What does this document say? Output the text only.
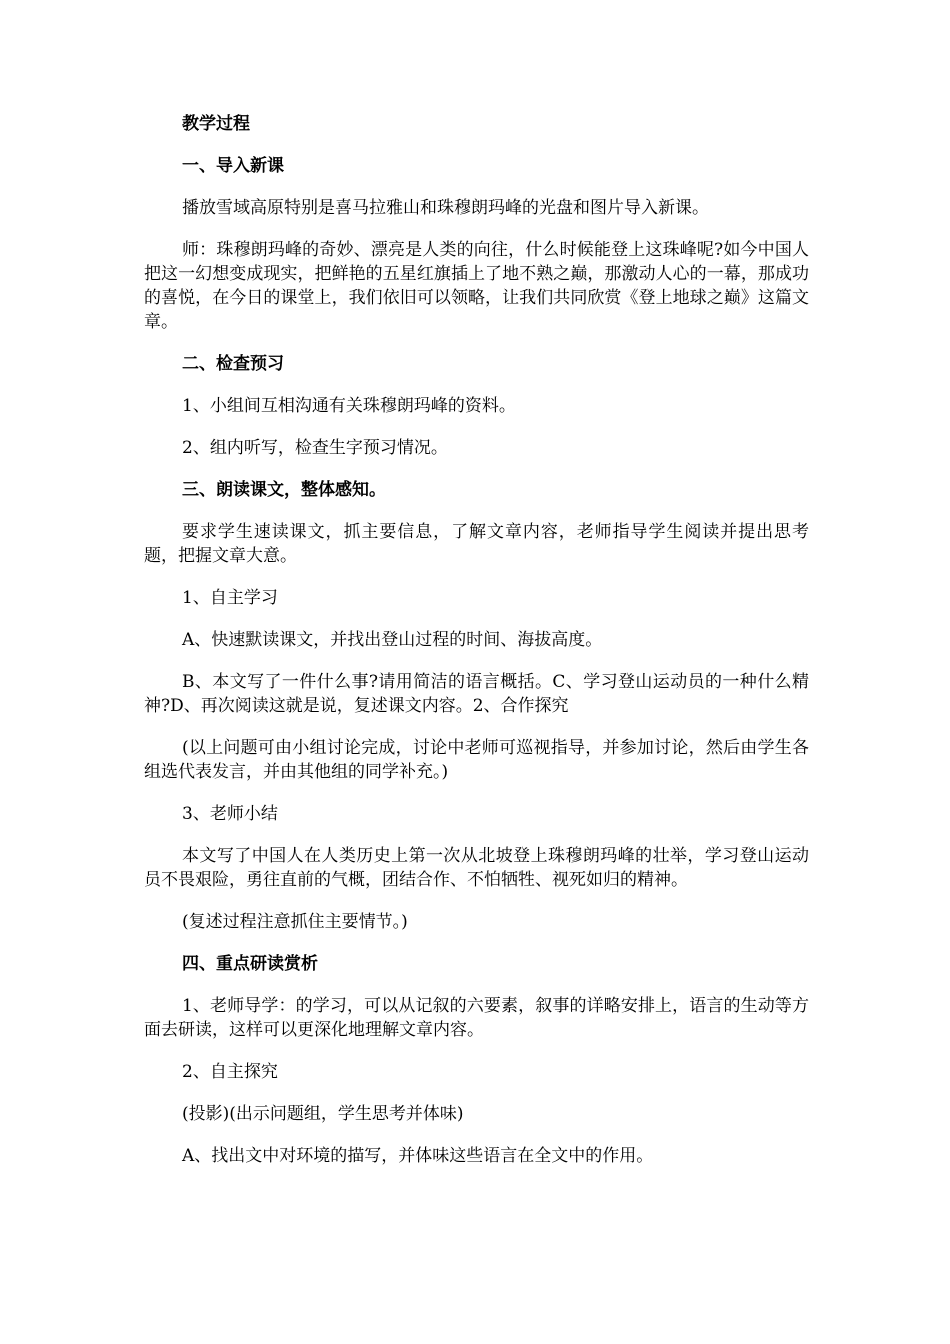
教学过程

一、导入新课

播放雪域高原特别是喜马拉雅山和珠穆朗玛峰的光盘和图片导入新课。

师：珠穆朗玛峰的奇妙、漂亮是人类的向往，什么时候能登上这珠峰呢?如今中国人把这一幻想变成现实，把鲜艳的五星红旗插上了地不熟之巅，那激动人心的一幕，那成功的喜悦，在今日的课堂上，我们依旧可以领略，让我们共同欣赏《登上地球之巅》这篇文章。

二、检查预习

1、小组间互相沟通有关珠穆朗玛峰的资料。

2、组内听写，检查生字预习情况。

三、朗读课文，整体感知。

要求学生速读课文，抓主要信息，了解文章内容，老师指导学生阅读并提出思考题，把握文章大意。

1、自主学习

A、快速默读课文，并找出登山过程的时间、海拔高度。

B、本文写了一件什么事?请用简洁的语言概括。C、学习登山运动员的一种什么精神?D、再次阅读这就是说，复述课文内容。2、合作探究

(以上问题可由小组讨论完成，讨论中老师可巡视指导，并参加讨论，然后由学生各组选代表发言，并由其他组的同学补充。)

3、老师小结

本文写了中国人在人类历史上第一次从北坡登上珠穆朗玛峰的壮举，学习登山运动员不畏艰险，勇往直前的气概，团结合作、不怕牺牲、视死如归的精神。

(复述过程注意抓住主要情节。)

四、重点研读赏析

1、老师导学：的学习，可以从记叙的六要素，叙事的详略安排上，语言的生动等方面去研读，这样可以更深化地理解文章内容。

2、自主探究

(投影)(出示问题组，学生思考并体味)

A、找出文中对环境的描写，并体味这些语言在全文中的作用。
